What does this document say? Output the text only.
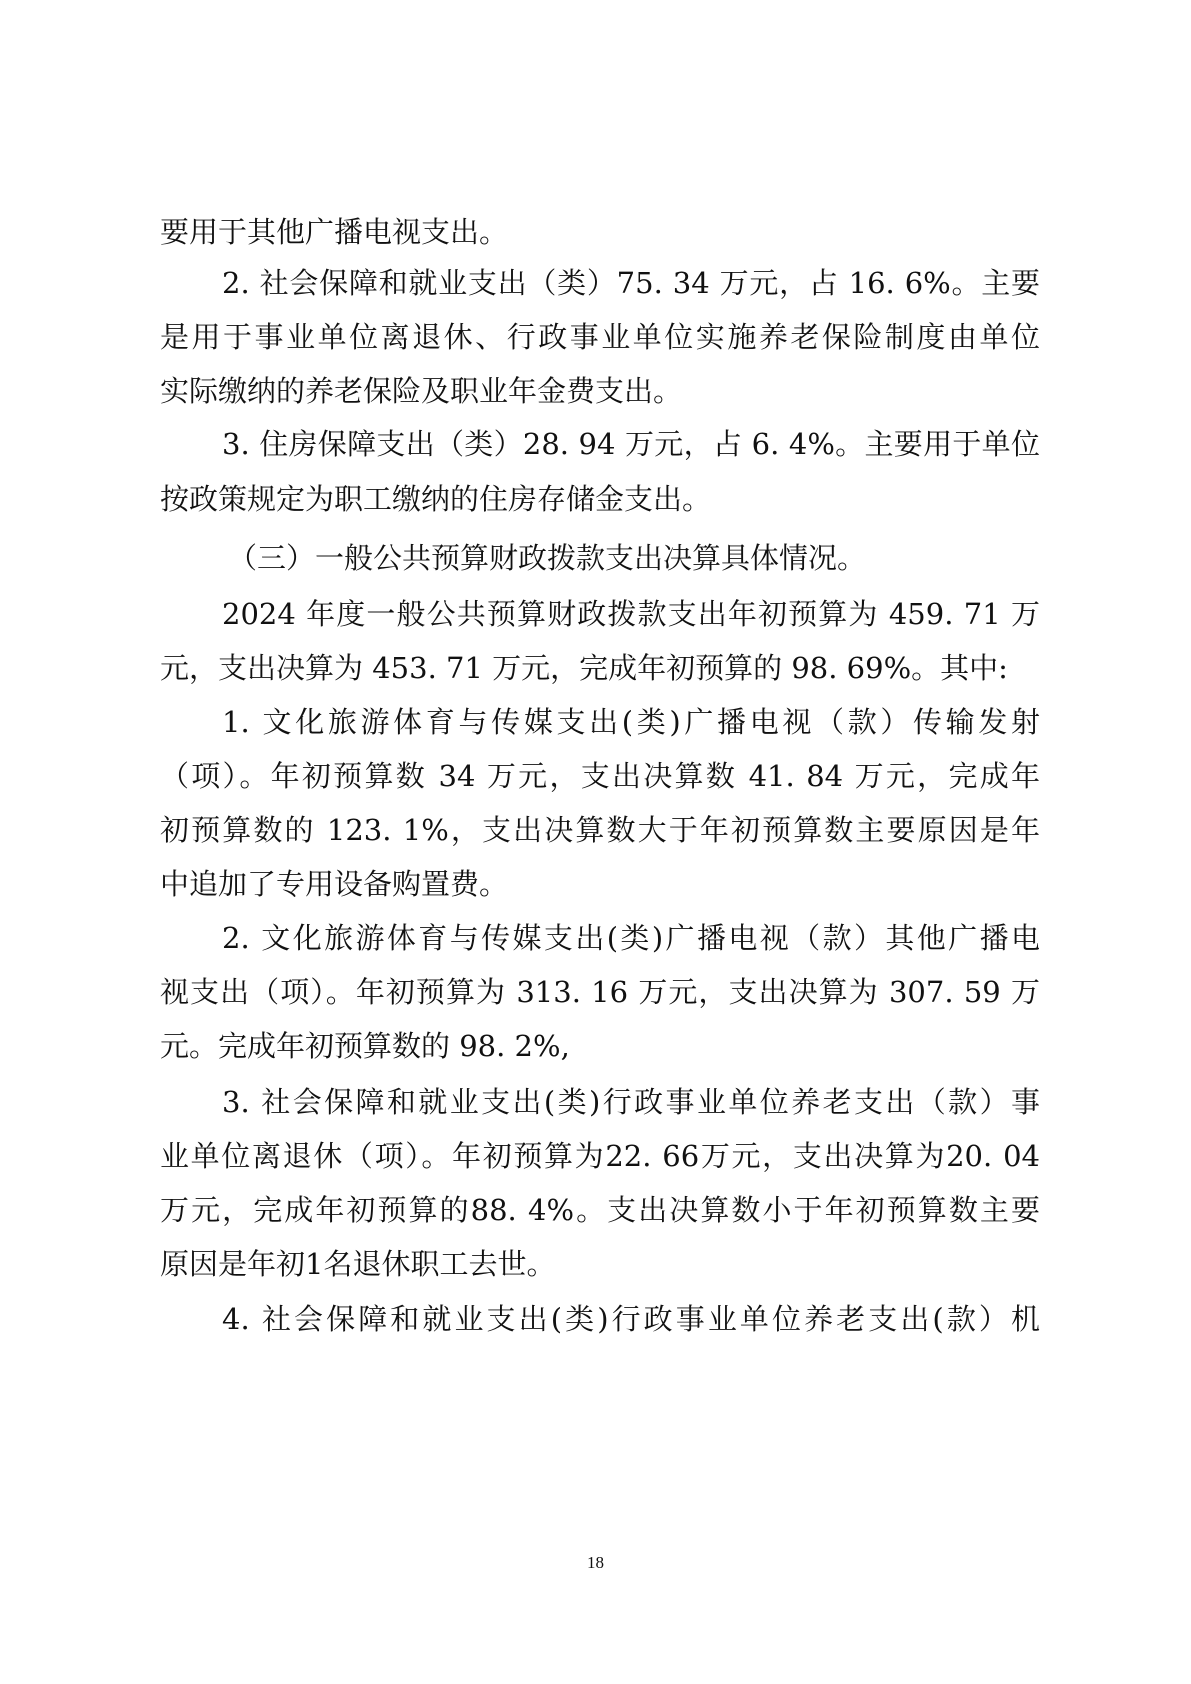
要用于其他广播电视支出。
2. 社会保障和就业支出（类）75. 34 万元，占 16. 6%。主要
是用于事业单位离退休、行政事业单位实施养老保险制度由单位
实际缴纳的养老保险及职业年金费支出。
3. 住房保障支出（类）28. 94 万元，占 6. 4%。主要用于单位
按政策规定为职工缴纳的住房存储金支出。
（三）一般公共预算财政拨款支出决算具体情况。
2024 年度一般公共预算财政拨款支出年初预算为 459. 71 万
元，支出决算为 453. 71 万元，完成年初预算的 98. 69%。其中:
1. 文化旅游体育与传媒支出(类)广播电视（款）传输发射
（项）。年初预算数 34 万元，支出决算数 41. 84 万元，完成年
初预算数的 123. 1%，支出决算数大于年初预算数主要原因是年
中追加了专用设备购置费。
2. 文化旅游体育与传媒支出(类)广播电视（款）其他广播电
视支出（项）。年初预算为 313. 16 万元，支出决算为 307. 59 万
元。完成年初预算数的 98. 2%,
3. 社会保障和就业支出(类)行政事业单位养老支出（款）事
业单位离退休（项）。年初预算为22. 66万元，支出决算为20. 04
万元，完成年初预算的88. 4%。支出决算数小于年初预算数主要
原因是年初1名退休职工去世。
4. 社会保障和就业支出(类)行政事业单位养老支出(款）机
18
